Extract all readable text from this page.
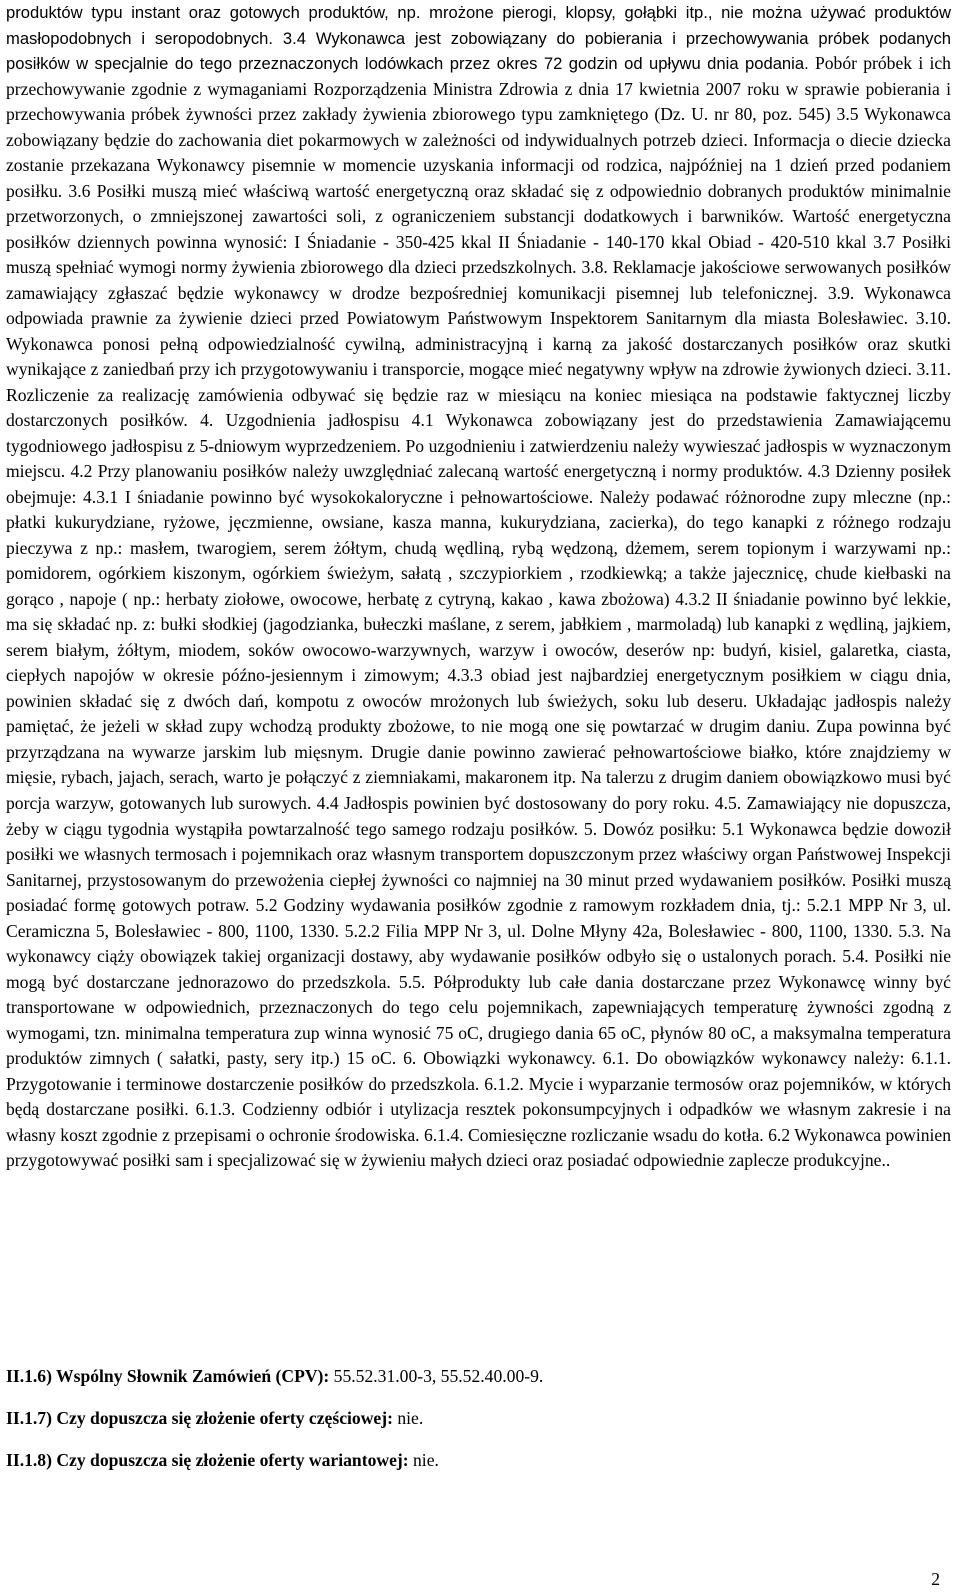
produktów typu instant oraz gotowych produktów, np. mrożone pierogi, klopsy, gołąbki itp., nie można używać produktów masłopodobnych i seropodobnych. 3.4 Wykonawca jest zobowiązany do pobierania i przechowywania próbek podanych posiłków w specjalnie do tego przeznaczonych lodówkach przez okres 72 godzin od upływu dnia podania. Pobór próbek i ich przechowywanie zgodnie z wymaganiami Rozporządzenia Ministra Zdrowia z dnia 17 kwietnia 2007 roku w sprawie pobierania i przechowywania próbek żywności przez zakłady żywienia zbiorowego typu zamkniętego (Dz. U. nr 80, poz. 545) 3.5 Wykonawca zobowiązany będzie do zachowania diet pokarmowych w zależności od indywidualnych potrzeb dzieci. Informacja o diecie dziecka zostanie przekazana Wykonawcy pisemnie w momencie uzyskania informacji od rodzica, najpóźniej na 1 dzień przed podaniem posiłku. 3.6 Posiłki muszą mieć właściwą wartość energetyczną oraz składać się z odpowiednio dobranych produktów minimalnie przetworzonych, o zmniejszonej zawartości soli, z ograniczeniem substancji dodatkowych i barwników. Wartość energetyczna posiłków dziennych powinna wynosić: I Śniadanie - 350-425 kkal II Śniadanie - 140-170 kkal Obiad - 420-510 kkal 3.7 Posiłki muszą spełniać wymogi normy żywienia zbiorowego dla dzieci przedszkolnych. 3.8. Reklamacje jakościowe serwowanych posiłków zamawiający zgłaszać będzie wykonawcy w drodze bezpośredniej komunikacji pisemnej lub telefonicznej. 3.9. Wykonawca odpowiada prawnie za żywienie dzieci przed Powiatowym Państwowym Inspektorem Sanitarnym dla miasta Bolesławiec. 3.10. Wykonawca ponosi pełną odpowiedzialność cywilną, administracyjną i karną za jakość dostarczanych posiłków oraz skutki wynikające z zaniedbań przy ich przygotowywaniu i transporcie, mogące mieć negatywny wpływ na zdrowie żywionych dzieci. 3.11. Rozliczenie za realizację zamówienia odbywać się będzie raz w miesiącu na koniec miesiąca na podstawie faktycznej liczby dostarczonych posiłków. 4. Uzgodnienia jadłospisu 4.1 Wykonawca zobowiązany jest do przedstawienia Zamawiającemu tygodniowego jadłospisu z 5-dniowym wyprzedzeniem. Po uzgodnieniu i zatwierdzeniu należy wywieszać jadłospis w wyznaczonym miejscu. 4.2 Przy planowaniu posiłków należy uwzględniać zalecaną wartość energetyczną i normy produktów. 4.3 Dzienny posiłek obejmuje: 4.3.1 I śniadanie powinno być wysokokaloryczne i pełnowartościowe. Należy podawać różnorodne zupy mleczne (np.: płatki kukurydziane, ryżowe, jęczmienne, owsiane, kasza manna, kukurydziana, zacierka), do tego kanapki z różnego rodzaju pieczywa z np.: masłem, twarogiem, serem żółtym, chudą wędliną, rybą wędzoną, dżemem, serem topionym i warzywami np.: pomidorem, ogórkiem kiszonym, ogórkiem świeżym, sałatą , szczypiorkiem , rzodkiewką; a także jajecznicę, chude kiełbaski na gorąco , napoje ( np.: herbaty ziołowe, owocowe, herbatę z cytryną, kakao , kawa zbożowa) 4.3.2 II śniadanie powinno być lekkie, ma się składać np. z: bułki słodkiej (jagodzianka, bułeczki maślane, z serem, jabłkiem , marmoladą) lub kanapki z wędliną, jajkiem, serem białym, żółtym, miodem, soków owocowo-warzywnych, warzyw i owoców, deserów np: budyń, kisiel, galaretka, ciasta, ciepłych napojów w okresie późno-jesiennym i zimowym; 4.3.3 obiad jest najbardziej energetycznym posiłkiem w ciągu dnia, powinien składać się z dwóch dań, kompotu z owoców mrożonych lub świeżych, soku lub deseru. Układając jadłospis należy pamiętać, że jeżeli w skład zupy wchodzą produkty zbożowe, to nie mogą one się powtarzać w drugim daniu. Zupa powinna być przyrządzana na wywarze jarskim lub mięsnym. Drugie danie powinno zawierać pełnowartościowe białko, które znajdziemy w mięsie, rybach, jajach, serach, warto je połączyć z ziemniakami, makaronem itp. Na talerzu z drugim daniem obowiązkowo musi być porcja warzyw, gotowanych lub surowych. 4.4 Jadłospis powinien być dostosowany do pory roku. 4.5. Zamawiający nie dopuszcza, żeby w ciągu tygodnia wystąpiła powtarzalność tego samego rodzaju posiłków. 5. Dowóz posiłku: 5.1 Wykonawca będzie dowoził posiłki we własnych termosach i pojemnikach oraz własnym transportem dopuszczonym przez właściwy organ Państwowej Inspekcji Sanitarnej, przystosowanym do przewożenia ciepłej żywności co najmniej na 30 minut przed wydawaniem posiłków. Posiłki muszą posiadać formę gotowych potraw. 5.2 Godziny wydawania posiłków zgodnie z ramowym rozkładem dnia, tj.: 5.2.1 MPP Nr 3, ul. Ceramiczna 5, Bolesławiec - 800, 1100, 1330. 5.2.2 Filia MPP Nr 3, ul. Dolne Młyny 42a, Bolesławiec - 800, 1100, 1330. 5.3. Na wykonawcy ciąży obowiązek takiej organizacji dostawy, aby wydawanie posiłków odbyło się o ustalonych porach. 5.4. Posiłki nie mogą być dostarczane jednorazowo do przedszkola. 5.5. Półprodukty lub całe dania dostarczane przez Wykonawcę winny być transportowane w odpowiednich, przeznaczonych do tego celu pojemnikach, zapewniających temperaturę żywności zgodną z wymogami, tzn. minimalna temperatura zup winna wynosić 75 oC, drugiego dania 65 oC, płynów 80 oC, a maksymalna temperatura produktów zimnych ( sałatki, pasty, sery itp.) 15 oC. 6. Obowiązki wykonawcy. 6.1. Do obowiązków wykonawcy należy: 6.1.1. Przygotowanie i terminowe dostarczenie posiłków do przedszkola. 6.1.2. Mycie i wyparzanie termosów oraz pojemników, w których będą dostarczane posiłki. 6.1.3. Codzienny odbiór i utylizacja resztek pokonsumpcyjnych i odpadków we własnym zakresie i na własny koszt zgodnie z przepisami o ochronie środowiska. 6.1.4. Comiesięczne rozliczanie wsadu do kotła. 6.2 Wykonawca powinien przygotowywać posiłki sam i specjalizować się w żywieniu małych dzieci oraz posiadać odpowiednie zaplecze produkcyjne..

II.1.6) Wspólny Słownik Zamówień (CPV): 55.52.31.00-3, 55.52.40.00-9.

II.1.7) Czy dopuszcza się złożenie oferty częściowej: nie.

II.1.8) Czy dopuszcza się złożenie oferty wariantowej: nie.

2
